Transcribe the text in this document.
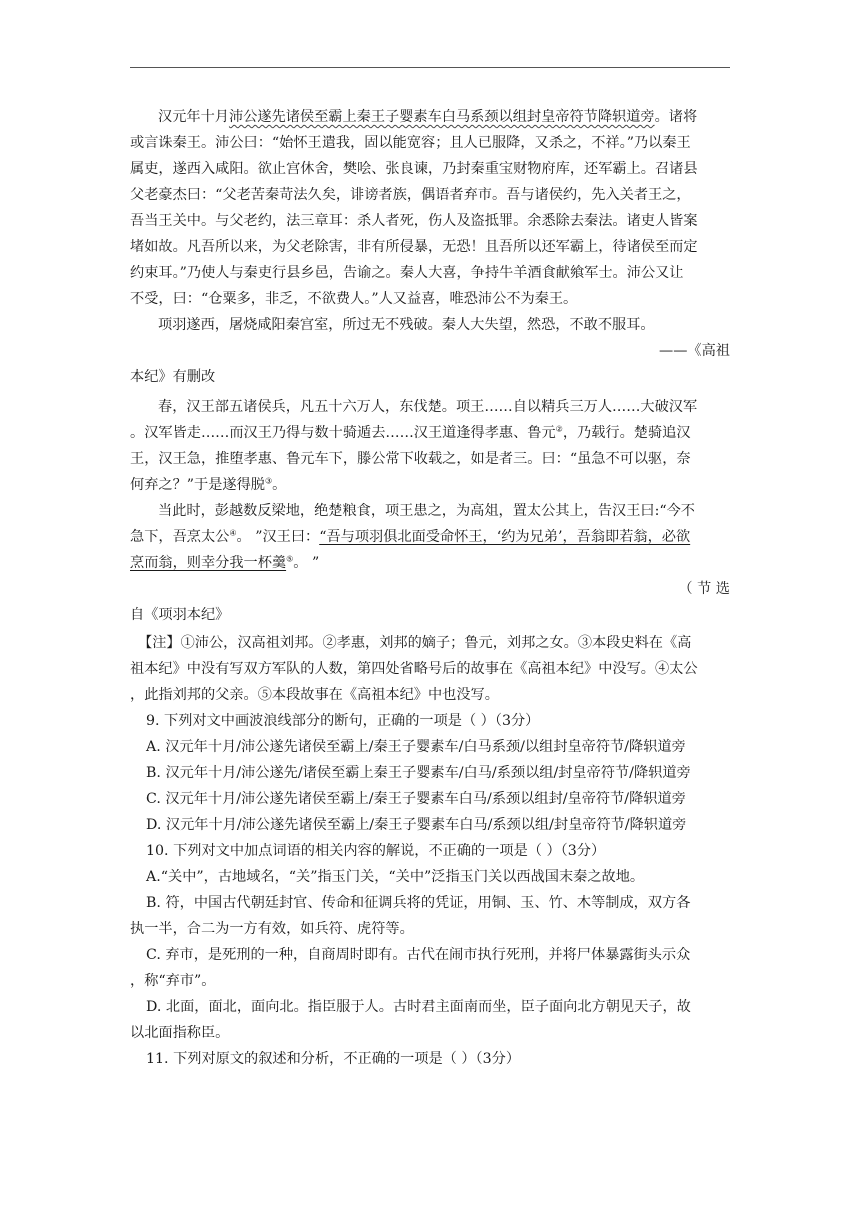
汉元年十月沛公遂先诸侯至霸上秦王子婴素车白马系颈以组封皇帝符节降轵道旁。诸将
或言诛秦王。沛公曰：“始怀王遣我，固以能宽容；且人已服降，又杀之，不祥。”乃以秦王
属吏，遂西入咸阳。欲止宫休舍，樊哙、张良谏，乃封秦重宝财物府库，还军霸上。召诸县
父老豪杰曰：“父老苦秦苛法久矣，诽谤者族，偶语者弃市。吾与诸侯约，先入关者王之，
吾当王关中。与父老约，法三章耳：杀人者死，伤人及盗抵罪。余悉除去秦法。诸吏人皆案
堵如故。凡吾所以来，为父老除害，非有所侵暴，无恐！且吾所以还军霸上，待诸侯至而定
约束耳。”乃使人与秦吏行县乡邑，告谕之。秦人大喜，争持牛羊酒食献飨军士。沛公又让
不受，曰：“仓粟多，非乏，不欲费人。”人又益喜，唯恐沛公不为秦王。
项羽遂西，屠烧咸阳秦宫室，所过无不残破。秦人大失望，然恐，不敢不服耳。
——《高祖
本纪》有删改
春，汉王部五诸侯兵，凡五十六万人，东伐楚。项王……自以精兵三万人……大破汉军
。汉军皆走……而汉王乃得与数十骑遁去……汉王道逢得孝惠、鲁元②，乃载行。楚骑追汉
王，汉王急，推堕孝惠、鲁元车下，滕公常下收载之，如是者三。曰：“虽急不可以驱，奈
何弃之？”于是遂得脱③。
当此时，彭越数反梁地，绝楚粮食，项王患之，为高俎，置太公其上，告汉王曰:“今不
急下，吾烹太公④。 ”汉王曰：“吾与项羽俱北面受命怀王，‘约为兄弟’，吾翁即若翁，必欲
烹而翁，则幸分我一杯羹⑤。 ”
（ 节 选
自《项羽本纪》
【注】①沛公，汉高祖刘邦。②孝惠，刘邦的嫡子；鲁元，刘邦之女。③本段史料在《高
祖本纪》中没有写双方军队的人数，第四处省略号后的故事在《高祖本纪》中没写。④太公
，此指刘邦的父亲。⑤本段故事在《高祖本纪》中也没写。
9. 下列对文中画波浪线部分的断句，正确的一项是（ ）（3分）
A. 汉元年十月/沛公遂先诸侯至霸上/秦王子婴素车/白马系颈/以组封皇帝符节/降轵道旁
B. 汉元年十月/沛公遂先/诸侯至霸上秦王子婴素车/白马/系颈以组/封皇帝符节/降轵道旁
C. 汉元年十月/沛公遂先诸侯至霸上/秦王子婴素车白马/系颈以组封/皇帝符节/降轵道旁
D. 汉元年十月/沛公遂先诸侯至霸上/秦王子婴素车白马/系颈以组/封皇帝符节/降轵道旁
10. 下列对文中加点词语的相关内容的解说，不正确的一项是（ ）（3分）
A.“关中”，古地域名，“关”指玉门关，“关中”泛指玉门关以西战国末秦之故地。
B. 符，中国古代朝廷封官、传命和征调兵将的凭证，用铜、玉、竹、木等制成，双方各
执一半，合二为一方有效，如兵符、虎符等。
C. 弃市，是死刑的一种，自商周时即有。古代在闹市执行死刑，并将尸体暴露街头示众
，称“弃市”。
D. 北面，面北，面向北。指臣服于人。古时君主面南而坐，臣子面向北方朝见天子，故
以北面指称臣。
11. 下列对原文的叙述和分析，不正确的一项是（ ）（3分）
